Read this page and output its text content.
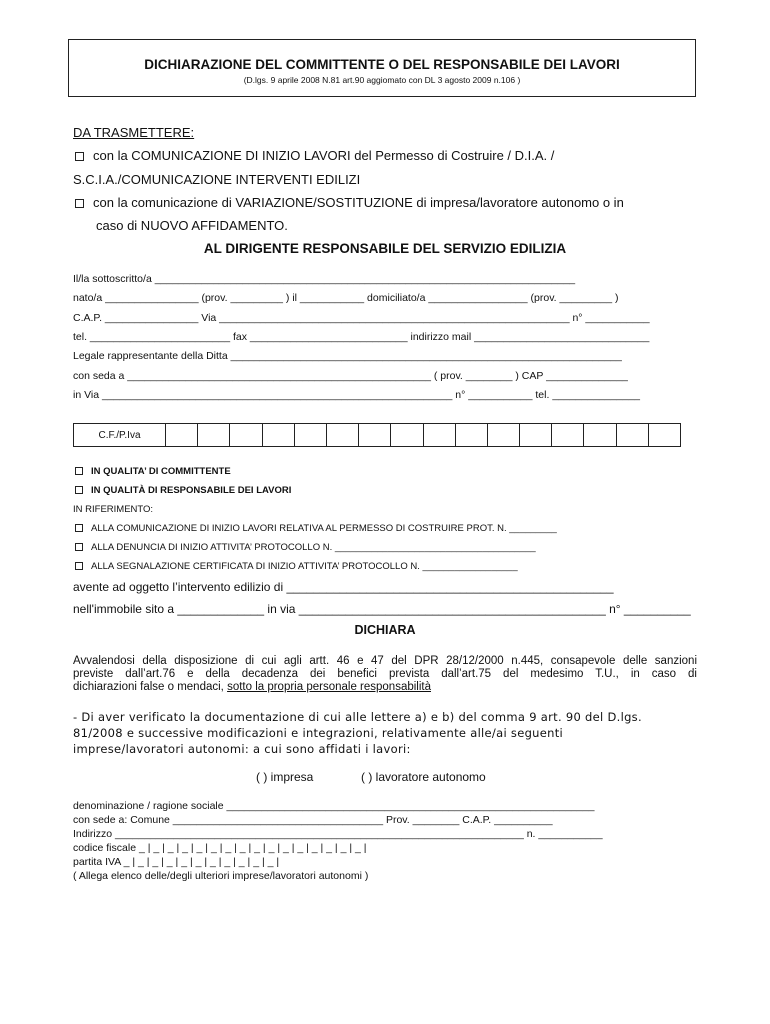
DICHIARAZIONE DEL COMMITTENTE O DEL RESPONSABILE DEI LAVORI
(D.lgs. 9 aprile 2008 N.81 art.90 aggiomato con DL 3 agosto 2009 n.106 )
DA TRASMETTERE:
con la COMUNICAZIONE DI INIZIO LAVORI del Permesso di Costruire / D.I.A. /
S.C.I.A./COMUNICAZIONE INTERVENTI EDILIZI
con la comunicazione di VARIAZIONE/SOSTITUZIONE di impresa/lavoratore autonomo o in
caso di NUOVO AFFIDAMENTO.
AL DIRIGENTE RESPONSABILE DEL SERVIZIO EDILIZIA
Il/la sottoscritto/a ________________________________________________________________________
nato/a ________________ (prov. _________ ) il ___________ domiciliato/a _________________ (prov. _________ )
C.A.P. ________________ Via ____________________________________________________________ n° ___________
tel. ________________________ fax ___________________________ indirizzo mail ______________________________
Legale rappresentante della Ditta ___________________________________________________________________
con seda a ____________________________________________________ ( prov. ________ ) CAP ______________
in Via ____________________________________________________________ n° ___________ tel. _______________
C.F./P.Iva
IN QUALITA’ DI COMMITTENTE
IN QUALITÀ DI RESPONSABILE DEI LAVORI
IN RIFERIMENTO:
ALLA COMUNICAZIONE DI INIZIO LAVORI RELATIVA AL PERMESSO DI COSTRUIRE PROT. N. _________
ALLA DENUNCIA DI INIZIO ATTIVITA’ PROTOCOLLO N. ______________________________________
ALLA SEGNALAZIONE CERTIFICATA DI INIZIO ATTIVITA’ PROTOCOLLO N. __________________
avente ad oggetto l’intervento edilizio di _________________________________________________
nell'immobile sito a _____________ in via ______________________________________________ n° __________
DICHIARA
Avvalendosi della disposizione di cui agli artt. 46 e 47 del DPR 28/12/2000 n.445, consapevole delle sanzioni
previste dall’art.76 e della decadenza dei benefici prevista dall’art.75 del medesimo T.U., in caso di
dichiarazioni false o mendaci, sotto la propria personale responsabilità
- Di aver verificato la documentazione di cui alle lettere a) e b) del comma 9 art. 90 del D.lgs.
81/2008 e successive modificazioni e integrazioni, relativamente alle/ai seguenti
imprese/lavoratori autonomi: a cui sono affidati i lavori:
( ) impresa	( ) lavoratore autonomo
denominazione / ragione sociale _______________________________________________________________
con sede a: Comune ____________________________________ Prov. ________ C.A.P. __________
Indirizzo ______________________________________________________________________ n. ___________
codice fiscale _ | _ | _ | _ | _ | _ | _ | _ | _ | _ | _ | _ | _ | _ | _ | _ |
partita IVA _ | _ | _ | _ | _ | _ | _ | _ | _ | _ | _ |
( Allega elenco delle/degli ulteriori imprese/lavoratori autonomi )
